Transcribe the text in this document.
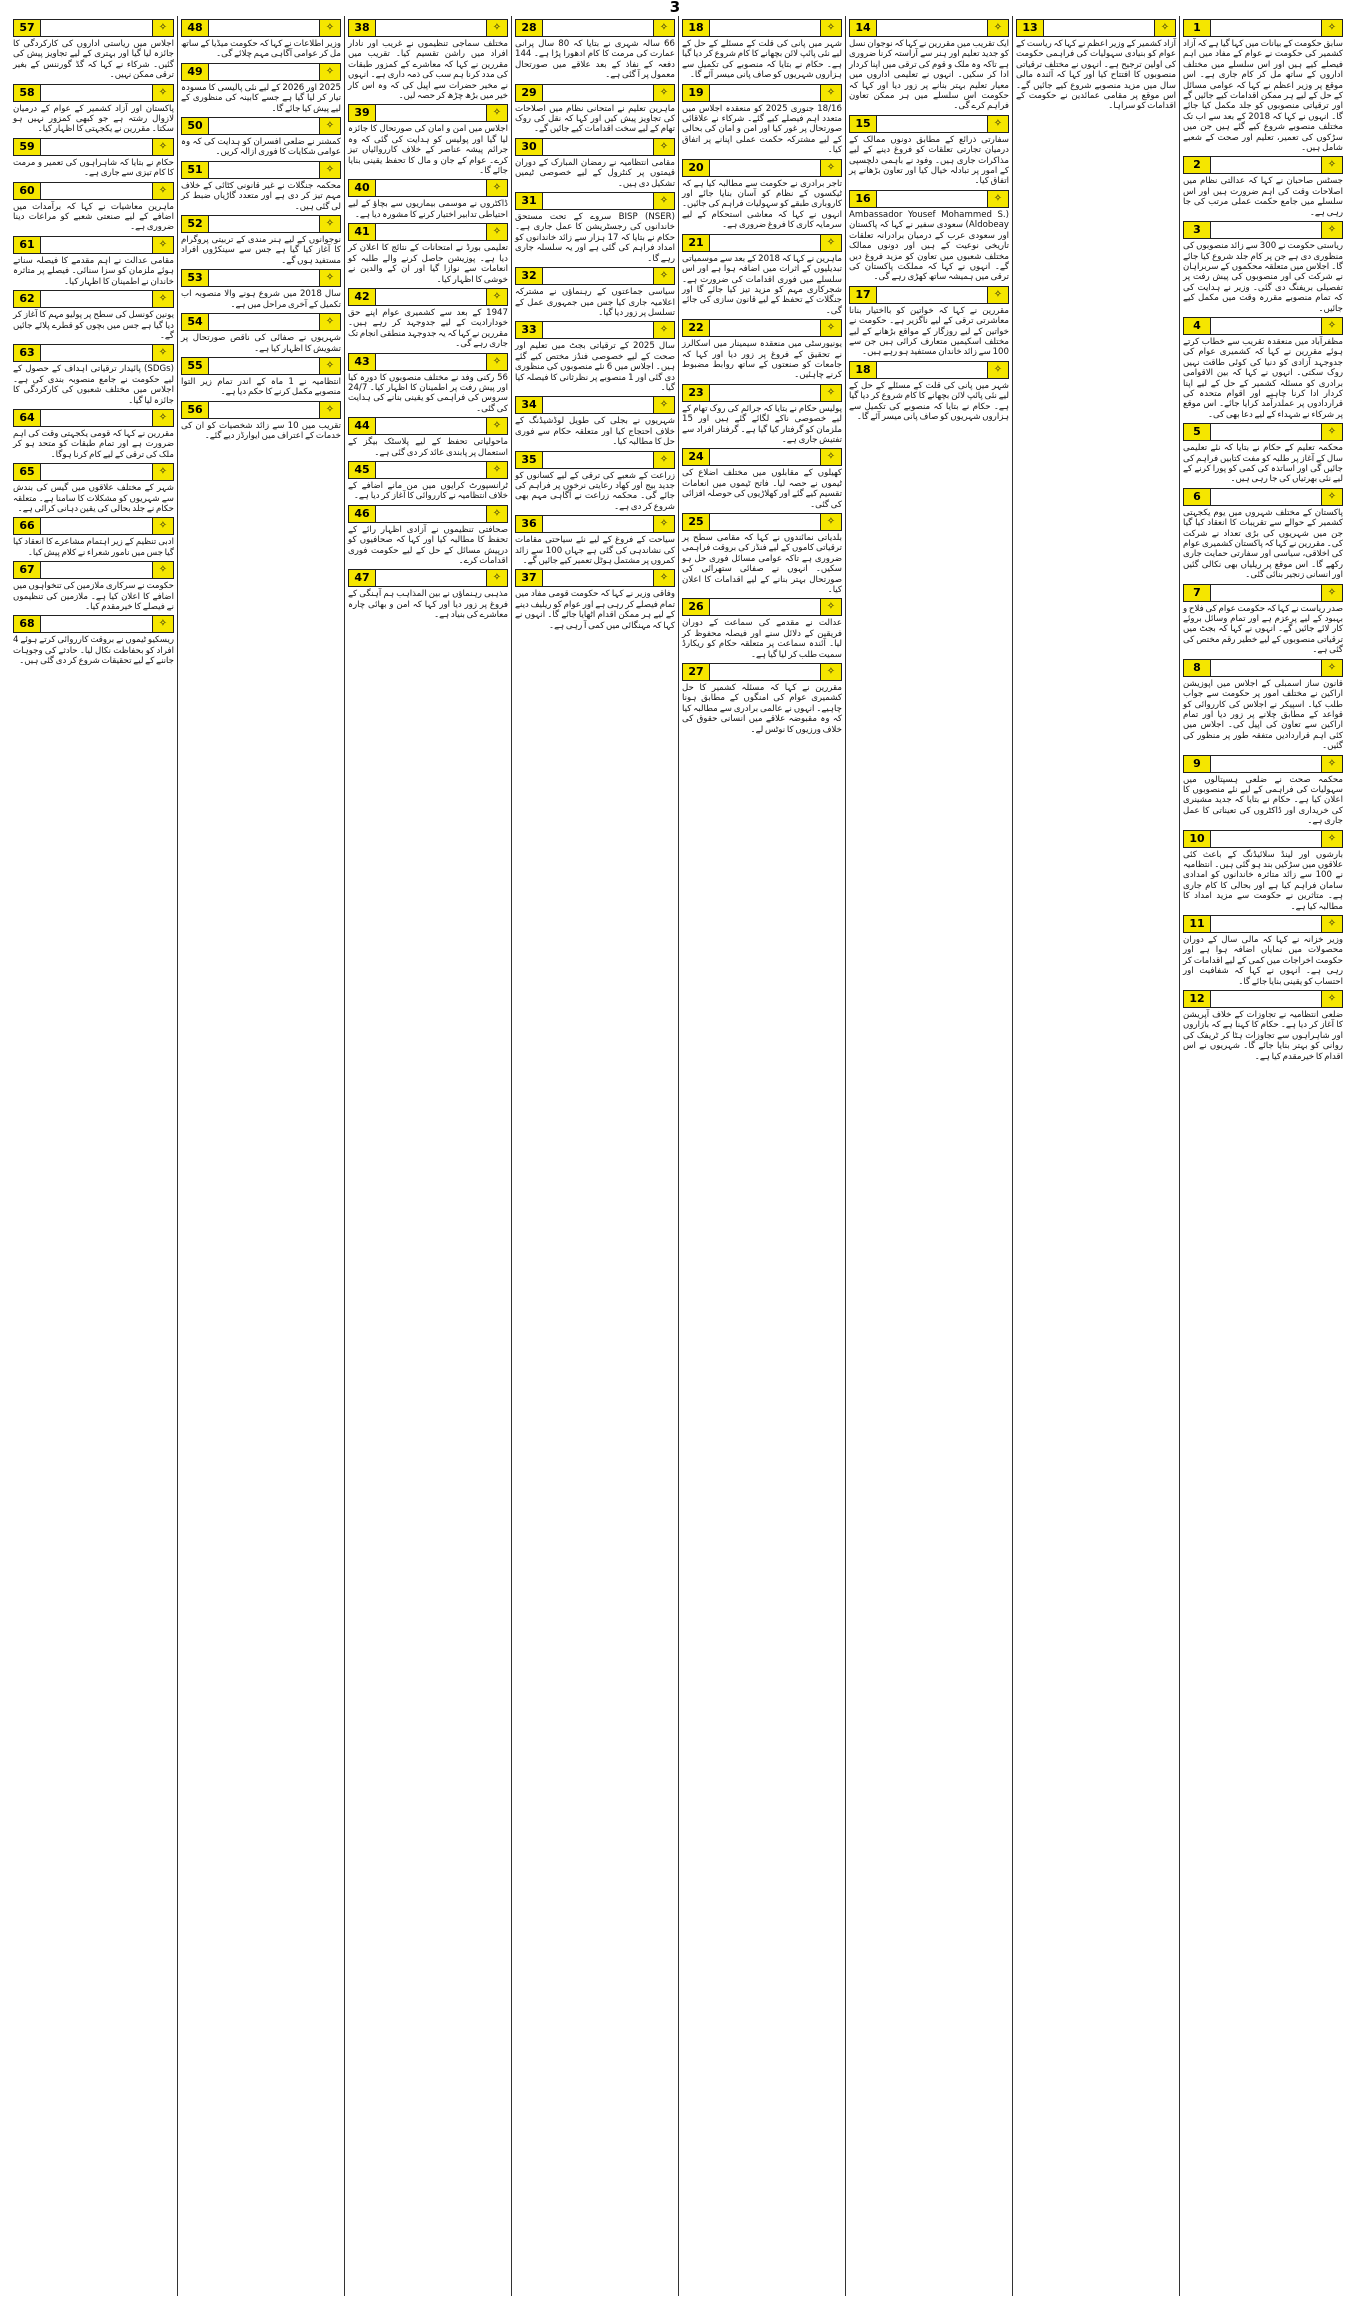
3
1	✧
سابق حکومت کے بیانات میں کہا گیا ہے کہ آزاد کشمیر کی حکومت نے عوام کے مفاد میں اہم فیصلے کیے ہیں اور اس سلسلے میں مختلف اداروں کے ساتھ مل کر کام جاری ہے۔ اس موقع پر وزیر اعظم نے کہا کہ عوامی مسائل کے حل کے لیے ہر ممکن اقدامات کیے جائیں گے اور ترقیاتی منصوبوں کو جلد مکمل کیا جائے گا۔ انہوں نے کہا کہ 2018 کے بعد سے اب تک مختلف منصوبے شروع کیے گئے ہیں جن میں سڑکوں کی تعمیر، تعلیم اور صحت کے شعبے شامل ہیں۔
2	✧
جسٹس صاحبان نے کہا کہ عدالتی نظام میں اصلاحات وقت کی اہم ضرورت ہیں اور اس سلسلے میں جامع حکمت عملی مرتب کی جا رہی ہے۔
3	✧
ریاستی حکومت نے 300 سے زائد منصوبوں کی منظوری دی ہے جن پر کام جلد شروع کیا جائے گا۔ اجلاس میں متعلقہ محکموں کے سربراہان نے شرکت کی اور منصوبوں کی پیش رفت پر تفصیلی بریفنگ دی گئی۔ وزیر نے ہدایت کی کہ تمام منصوبے مقررہ وقت میں مکمل کیے جائیں۔
4	✧
مظفرآباد میں منعقدہ تقریب سے خطاب کرتے ہوئے مقررین نے کہا کہ کشمیری عوام کی جدوجہد آزادی کو دنیا کی کوئی طاقت نہیں روک سکتی۔ انہوں نے کہا کہ بین الاقوامی برادری کو مسئلہ کشمیر کے حل کے لیے اپنا کردار ادا کرنا چاہیے اور اقوام متحدہ کی قراردادوں پر عملدرآمد کرایا جائے۔ اس موقع پر شرکاء نے شہداء کے لیے دعا بھی کی۔
5	✧
محکمہ تعلیم کے حکام نے بتایا کہ نئے تعلیمی سال کے آغاز پر طلبہ کو مفت کتابیں فراہم کی جائیں گی اور اساتذہ کی کمی کو پورا کرنے کے لیے نئی بھرتیاں کی جا رہی ہیں۔
6	✧
پاکستان کے مختلف شہروں میں یوم یکجہتی کشمیر کے حوالے سے تقریبات کا انعقاد کیا گیا جن میں شہریوں کی بڑی تعداد نے شرکت کی۔ مقررین نے کہا کہ پاکستان کشمیری عوام کی اخلاقی، سیاسی اور سفارتی حمایت جاری رکھے گا۔ اس موقع پر ریلیاں بھی نکالی گئیں اور انسانی زنجیر بنائی گئی۔
7	✧
صدر ریاست نے کہا کہ حکومت عوام کی فلاح و بہبود کے لیے پرعزم ہے اور تمام وسائل بروئے کار لائے جائیں گے۔ انہوں نے کہا کہ بجٹ میں ترقیاتی منصوبوں کے لیے خطیر رقم مختص کی گئی ہے۔
8	✧
قانون ساز اسمبلی کے اجلاس میں اپوزیشن اراکین نے مختلف امور پر حکومت سے جواب طلب کیا۔ اسپیکر نے اجلاس کی کارروائی کو قواعد کے مطابق چلانے پر زور دیا اور تمام اراکین سے تعاون کی اپیل کی۔ اجلاس میں کئی اہم قراردادیں متفقہ طور پر منظور کی گئیں۔
9	✧
محکمہ صحت نے ضلعی ہسپتالوں میں سہولیات کی فراہمی کے لیے نئے منصوبوں کا اعلان کیا ہے۔ حکام نے بتایا کہ جدید مشینری کی خریداری اور ڈاکٹروں کی تعیناتی کا عمل جاری ہے۔
10	✧
بارشوں اور لینڈ سلائیڈنگ کے باعث کئی علاقوں میں سڑکیں بند ہو گئی ہیں۔ انتظامیہ نے 100 سے زائد متاثرہ خاندانوں کو امدادی سامان فراہم کیا ہے اور بحالی کا کام جاری ہے۔ متاثرین نے حکومت سے مزید امداد کا مطالبہ کیا ہے۔
11	✧
وزیر خزانہ نے کہا کہ مالی سال کے دوران محصولات میں نمایاں اضافہ ہوا ہے اور حکومت اخراجات میں کمی کے لیے اقدامات کر رہی ہے۔ انہوں نے کہا کہ شفافیت اور احتساب کو یقینی بنایا جائے گا۔
12	✧
ضلعی انتظامیہ نے تجاوزات کے خلاف آپریشن کا آغاز کر دیا ہے۔ حکام کا کہنا ہے کہ بازاروں اور شاہراہوں سے تجاوزات ہٹا کر ٹریفک کی روانی کو بہتر بنایا جائے گا۔ شہریوں نے اس اقدام کا خیرمقدم کیا ہے۔
13	✧
آزاد کشمیر کے وزیر اعظم نے کہا کہ ریاست کے عوام کو بنیادی سہولیات کی فراہمی حکومت کی اولین ترجیح ہے۔ انہوں نے مختلف ترقیاتی منصوبوں کا افتتاح کیا اور کہا کہ آئندہ مالی سال میں مزید منصوبے شروع کیے جائیں گے۔ اس موقع پر مقامی عمائدین نے حکومت کے اقدامات کو سراہا۔
14	✧
ایک تقریب میں مقررین نے کہا کہ نوجوان نسل کو جدید تعلیم اور ہنر سے آراستہ کرنا ضروری ہے تاکہ وہ ملک و قوم کی ترقی میں اپنا کردار ادا کر سکیں۔ انہوں نے تعلیمی اداروں میں معیار تعلیم بہتر بنانے پر زور دیا اور کہا کہ حکومت اس سلسلے میں ہر ممکن تعاون فراہم کرے گی۔
15	✧
سفارتی ذرائع کے مطابق دونوں ممالک کے درمیان تجارتی تعلقات کو فروغ دینے کے لیے مذاکرات جاری ہیں۔ وفود نے باہمی دلچسپی کے امور پر تبادلہ خیال کیا اور تعاون بڑھانے پر اتفاق کیا۔
16	✧
(Ambassador Yousef Mohammed S. Aldobeay) سعودی سفیر نے کہا کہ پاکستان اور سعودی عرب کے درمیان برادرانہ تعلقات تاریخی نوعیت کے ہیں اور دونوں ممالک مختلف شعبوں میں تعاون کو مزید فروغ دیں گے۔ انہوں نے کہا کہ مملکت پاکستان کی ترقی میں ہمیشہ ساتھ کھڑی رہے گی۔
17	✧
مقررین نے کہا کہ خواتین کو بااختیار بنانا معاشرتی ترقی کے لیے ناگزیر ہے۔ حکومت نے خواتین کے لیے روزگار کے مواقع بڑھانے کے لیے مختلف اسکیمیں متعارف کرائی ہیں جن سے 100 سے زائد خاندان مستفید ہو رہے ہیں۔
18	✧
شہر میں پانی کی قلت کے مسئلے کے حل کے لیے نئی پائپ لائن بچھانے کا کام شروع کر دیا گیا ہے۔ حکام نے بتایا کہ منصوبے کی تکمیل سے ہزاروں شہریوں کو صاف پانی میسر آئے گا۔
18	✧
شہر میں پانی کی قلت کے مسئلے کے حل کے لیے نئی پائپ لائن بچھانے کا کام شروع کر دیا گیا ہے۔ حکام نے بتایا کہ منصوبے کی تکمیل سے ہزاروں شہریوں کو صاف پانی میسر آئے گا۔
19	✧
18/16 جنوری 2025 کو منعقدہ اجلاس میں متعدد اہم فیصلے کیے گئے۔ شرکاء نے علاقائی صورتحال پر غور کیا اور امن و امان کی بحالی کے لیے مشترکہ حکمت عملی اپنانے پر اتفاق کیا۔
20	✧
تاجر برادری نے حکومت سے مطالبہ کیا ہے کہ ٹیکسوں کے نظام کو آسان بنایا جائے اور کاروباری طبقے کو سہولیات فراہم کی جائیں۔ انہوں نے کہا کہ معاشی استحکام کے لیے سرمایہ کاری کا فروغ ضروری ہے۔
21	✧
ماہرین نے کہا کہ 2018 کے بعد سے موسمیاتی تبدیلیوں کے اثرات میں اضافہ ہوا ہے اور اس سلسلے میں فوری اقدامات کی ضرورت ہے۔ شجرکاری مہم کو مزید تیز کیا جائے گا اور جنگلات کے تحفظ کے لیے قانون سازی کی جائے گی۔
22	✧
یونیورسٹی میں منعقدہ سیمینار میں اسکالرز نے تحقیق کے فروغ پر زور دیا اور کہا کہ جامعات کو صنعتوں کے ساتھ روابط مضبوط کرنے چاہئیں۔
23	✧
پولیس حکام نے بتایا کہ جرائم کی روک تھام کے لیے خصوصی ناکے لگائے گئے ہیں اور 15 ملزمان کو گرفتار کیا گیا ہے۔ گرفتار افراد سے تفتیش جاری ہے۔
24	✧
کھیلوں کے مقابلوں میں مختلف اضلاع کی ٹیموں نے حصہ لیا۔ فاتح ٹیموں میں انعامات تقسیم کیے گئے اور کھلاڑیوں کی حوصلہ افزائی کی گئی۔
25	✧
بلدیاتی نمائندوں نے کہا کہ مقامی سطح پر ترقیاتی کاموں کے لیے فنڈز کی بروقت فراہمی ضروری ہے تاکہ عوامی مسائل فوری حل ہو سکیں۔ انہوں نے صفائی ستھرائی کی صورتحال بہتر بنانے کے لیے اقدامات کا اعلان کیا۔
26	✧
عدالت نے مقدمے کی سماعت کے دوران فریقین کے دلائل سنے اور فیصلہ محفوظ کر لیا۔ آئندہ سماعت پر متعلقہ حکام کو ریکارڈ سمیت طلب کر لیا گیا ہے۔
27	✧
مقررین نے کہا کہ مسئلہ کشمیر کا حل کشمیری عوام کی امنگوں کے مطابق ہونا چاہیے۔ انہوں نے عالمی برادری سے مطالبہ کیا کہ وہ مقبوضہ علاقے میں انسانی حقوق کی خلاف ورزیوں کا نوٹس لے۔
28	✧
66 سالہ شہری نے بتایا کہ 80 سال پرانی عمارت کی مرمت کا کام ادھورا پڑا ہے۔ 144 دفعہ کے نفاذ کے بعد علاقے میں صورتحال معمول پر آ گئی ہے۔
29	✧
ماہرین تعلیم نے امتحانی نظام میں اصلاحات کی تجاویز پیش کیں اور کہا کہ نقل کی روک تھام کے لیے سخت اقدامات کیے جائیں گے۔
30	✧
مقامی انتظامیہ نے رمضان المبارک کے دوران قیمتوں پر کنٹرول کے لیے خصوصی ٹیمیں تشکیل دی ہیں۔
31	✧
BISP (NSER) سروے کے تحت مستحق خاندانوں کی رجسٹریشن کا عمل جاری ہے۔ حکام نے بتایا کہ 17 ہزار سے زائد خاندانوں کو امداد فراہم کی گئی ہے اور یہ سلسلہ جاری رہے گا۔
32	✧
سیاسی جماعتوں کے رہنماؤں نے مشترکہ اعلامیہ جاری کیا جس میں جمہوری عمل کے تسلسل پر زور دیا گیا۔
33	✧
سال 2025 کے ترقیاتی بجٹ میں تعلیم اور صحت کے لیے خصوصی فنڈز مختص کیے گئے ہیں۔ اجلاس میں 6 نئے منصوبوں کی منظوری دی گئی اور 1 منصوبے پر نظرثانی کا فیصلہ کیا گیا۔
34	✧
شہریوں نے بجلی کی طویل لوڈشیڈنگ کے خلاف احتجاج کیا اور متعلقہ حکام سے فوری حل کا مطالبہ کیا۔
35	✧
زراعت کے شعبے کی ترقی کے لیے کسانوں کو جدید بیج اور کھاد رعایتی نرخوں پر فراہم کی جائے گی۔ محکمہ زراعت نے آگاہی مہم بھی شروع کر دی ہے۔
36	✧
سیاحت کے فروغ کے لیے نئے سیاحتی مقامات کی نشاندہی کی گئی ہے جہاں 100 سے زائد کمروں پر مشتمل ہوٹل تعمیر کیے جائیں گے۔
37	✧
وفاقی وزیر نے کہا کہ حکومت قومی مفاد میں تمام فیصلے کر رہی ہے اور عوام کو ریلیف دینے کے لیے ہر ممکن اقدام اٹھایا جائے گا۔ انہوں نے کہا کہ مہنگائی میں کمی آ رہی ہے۔
38	✧
مختلف سماجی تنظیموں نے غریب اور نادار افراد میں راشن تقسیم کیا۔ تقریب میں مقررین نے کہا کہ معاشرے کے کمزور طبقات کی مدد کرنا ہم سب کی ذمہ داری ہے۔ انہوں نے مخیر حضرات سے اپیل کی کہ وہ اس کار خیر میں بڑھ چڑھ کر حصہ لیں۔
39	✧
اجلاس میں امن و امان کی صورتحال کا جائزہ لیا گیا اور پولیس کو ہدایت کی گئی کہ وہ جرائم پیشہ عناصر کے خلاف کارروائیاں تیز کرے۔ عوام کے جان و مال کا تحفظ یقینی بنایا جائے گا۔
40	✧
ڈاکٹروں نے موسمی بیماریوں سے بچاؤ کے لیے احتیاطی تدابیر اختیار کرنے کا مشورہ دیا ہے۔
41	✧
تعلیمی بورڈ نے امتحانات کے نتائج کا اعلان کر دیا ہے۔ پوزیشن حاصل کرنے والے طلبہ کو انعامات سے نوازا گیا اور ان کے والدین نے خوشی کا اظہار کیا۔
42	✧
1947 کے بعد سے کشمیری عوام اپنے حق خودارادیت کے لیے جدوجہد کر رہے ہیں۔ مقررین نے کہا کہ یہ جدوجہد منطقی انجام تک جاری رہے گی۔
43	✧
56 رکنی وفد نے مختلف منصوبوں کا دورہ کیا اور پیش رفت پر اطمینان کا اظہار کیا۔ 24/7 سروس کی فراہمی کو یقینی بنانے کی ہدایت کی گئی۔
44	✧
ماحولیاتی تحفظ کے لیے پلاسٹک بیگز کے استعمال پر پابندی عائد کر دی گئی ہے۔
45	✧
ٹرانسپورٹ کرایوں میں من مانے اضافے کے خلاف انتظامیہ نے کارروائی کا آغاز کر دیا ہے۔
46	✧
صحافتی تنظیموں نے آزادی اظہار رائے کے تحفظ کا مطالبہ کیا اور کہا کہ صحافیوں کو درپیش مسائل کے حل کے لیے حکومت فوری اقدامات کرے۔
47	✧
مذہبی رہنماؤں نے بین المذاہب ہم آہنگی کے فروغ پر زور دیا اور کہا کہ امن و بھائی چارہ معاشرے کی بنیاد ہے۔
48	✧
وزیر اطلاعات نے کہا کہ حکومت میڈیا کے ساتھ مل کر عوامی آگاہی مہم چلائے گی۔
49	✧
2025 اور 2026 کے لیے نئی پالیسی کا مسودہ تیار کر لیا گیا ہے جسے کابینہ کی منظوری کے لیے پیش کیا جائے گا۔
50	✧
کمشنر نے ضلعی افسران کو ہدایت کی کہ وہ عوامی شکایات کا فوری ازالہ کریں۔
51	✧
محکمہ جنگلات نے غیر قانونی کٹائی کے خلاف مہم تیز کر دی ہے اور متعدد گاڑیاں ضبط کر لی گئی ہیں۔
52	✧
نوجوانوں کے لیے ہنر مندی کے تربیتی پروگرام کا آغاز کیا گیا ہے جس سے سینکڑوں افراد مستفید ہوں گے۔
53	✧
سال 2018 میں شروع ہونے والا منصوبہ اب تکمیل کے آخری مراحل میں ہے۔
54	✧
شہریوں نے صفائی کی ناقص صورتحال پر تشویش کا اظہار کیا ہے۔
55	✧
انتظامیہ نے 1 ماہ کے اندر تمام زیر التوا منصوبے مکمل کرنے کا حکم دیا ہے۔
56	✧
تقریب میں 10 سے زائد شخصیات کو ان کی خدمات کے اعتراف میں ایوارڈز دیے گئے۔
57	✧
اجلاس میں ریاستی اداروں کی کارکردگی کا جائزہ لیا گیا اور بہتری کے لیے تجاویز پیش کی گئیں۔ شرکاء نے کہا کہ گڈ گورننس کے بغیر ترقی ممکن نہیں۔
58	✧
پاکستان اور آزاد کشمیر کے عوام کے درمیان لازوال رشتہ ہے جو کبھی کمزور نہیں ہو سکتا۔ مقررین نے یکجہتی کا اظہار کیا۔
59	✧
حکام نے بتایا کہ شاہراہوں کی تعمیر و مرمت کا کام تیزی سے جاری ہے۔
60	✧
ماہرین معاشیات نے کہا کہ برآمدات میں اضافے کے لیے صنعتی شعبے کو مراعات دینا ضروری ہے۔
61	✧
مقامی عدالت نے اہم مقدمے کا فیصلہ سناتے ہوئے ملزمان کو سزا سنائی۔ فیصلے پر متاثرہ خاندان نے اطمینان کا اظہار کیا۔
62	✧
یونین کونسل کی سطح پر پولیو مہم کا آغاز کر دیا گیا ہے جس میں بچوں کو قطرے پلائے جائیں گے۔
63	✧
(SDGs) پائیدار ترقیاتی اہداف کے حصول کے لیے حکومت نے جامع منصوبہ بندی کی ہے۔ اجلاس میں مختلف شعبوں کی کارکردگی کا جائزہ لیا گیا۔
64	✧
مقررین نے کہا کہ قومی یکجہتی وقت کی اہم ضرورت ہے اور تمام طبقات کو متحد ہو کر ملک کی ترقی کے لیے کام کرنا ہوگا۔
65	✧
شہر کے مختلف علاقوں میں گیس کی بندش سے شہریوں کو مشکلات کا سامنا ہے۔ متعلقہ حکام نے جلد بحالی کی یقین دہانی کرائی ہے۔
66	✧
ادبی تنظیم کے زیر اہتمام مشاعرے کا انعقاد کیا گیا جس میں نامور شعراء نے کلام پیش کیا۔
67	✧
حکومت نے سرکاری ملازمین کی تنخواہوں میں اضافے کا اعلان کیا ہے۔ ملازمین کی تنظیموں نے فیصلے کا خیرمقدم کیا۔
68	✧
ریسکیو ٹیموں نے بروقت کارروائی کرتے ہوئے 4 افراد کو بحفاظت نکال لیا۔ حادثے کی وجوہات جاننے کے لیے تحقیقات شروع کر دی گئی ہیں۔
